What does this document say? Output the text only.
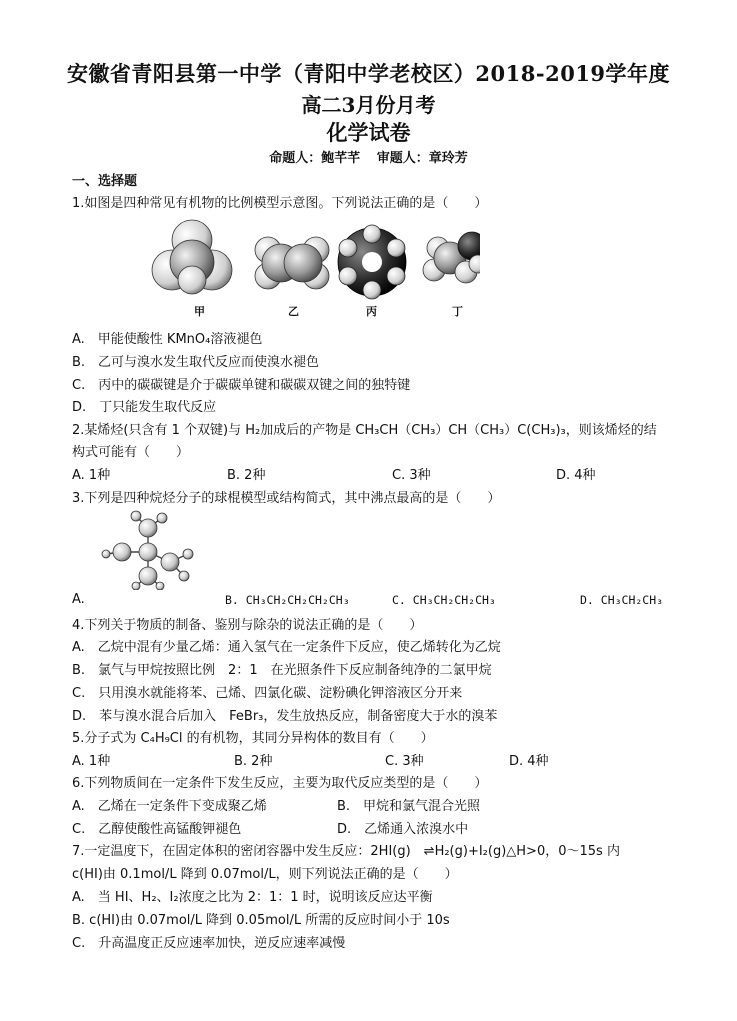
安徽省青阳县第一中学（青阳中学老校区）2018-2019学年度
高二3月份月考
化学试卷
命题人：鲍芊芊 审题人：章玲芳
一、选择题
1.如图是四种常见有机物的比例模型示意图。下列说法正确的是（　　）
甲	乙	丙	丁
A.　甲能使酸性 KMnO₄溶液褪色
B.　乙可与溴水发生取代反应而使溴水褪色
C.　丙中的碳碳键是介于碳碳单键和碳碳双键之间的独特键
D.　丁只能发生取代反应
2.某烯烃(只含有 1 个双键)与 H₂加成后的产物是 CH₃CH（CH₃）CH（CH₃）C(CH₃)₃，则该烯烃的结
构式可能有（　　）
A. 1种	B. 2种	C. 3种	D. 4种
3.下列是四种烷烃分子的球棍模型或结构简式，其中沸点最高的是（　　）
A.	B. CH₃CH₂CH₂CH₂CH₃	C. CH₃CH₂CH₂CH₃	D. CH₃CH₂CH₃
4.下列关于物质的制备、鉴别与除杂的说法正确的是（　　）
A.　乙烷中混有少量乙烯：通入氢气在一定条件下反应，使乙烯转化为乙烷
B.　氯气与甲烷按照比例　2：1　在光照条件下反应制备纯净的二氯甲烷
C.　只用溴水就能将苯、己烯、四氯化碳、淀粉碘化钾溶液区分开来
D.　苯与溴水混合后加入　FeBr₃，发生放热反应，制备密度大于水的溴苯
5.分子式为 C₄H₉Cl 的有机物，其同分异构体的数目有（　　）
A. 1种	B. 2种	C. 3种	D. 4种
6.下列物质间在一定条件下发生反应，主要为取代反应类型的是（　　）
A.　乙烯在一定条件下变成聚乙烯	B.　甲烷和氯气混合光照
C.　乙醇使酸性高锰酸钾褪色	D.　乙烯通入浓溴水中
7.一定温度下，在固定体积的密闭容器中发生反应：2HI(g)　⇌H₂(g)+I₂(g)△H>0，0～15s 内
c(HI)由 0.1mol/L 降到 0.07mol/L，则下列说法正确的是（　　）
A.　当 HI、H₂、I₂浓度之比为 2：1：1 时，说明该反应达平衡
B. c(HI)由 0.07mol/L 降到 0.05mol/L 所需的反应时间小于 10s
C.　升高温度正反应速率加快，逆反应速率减慢
